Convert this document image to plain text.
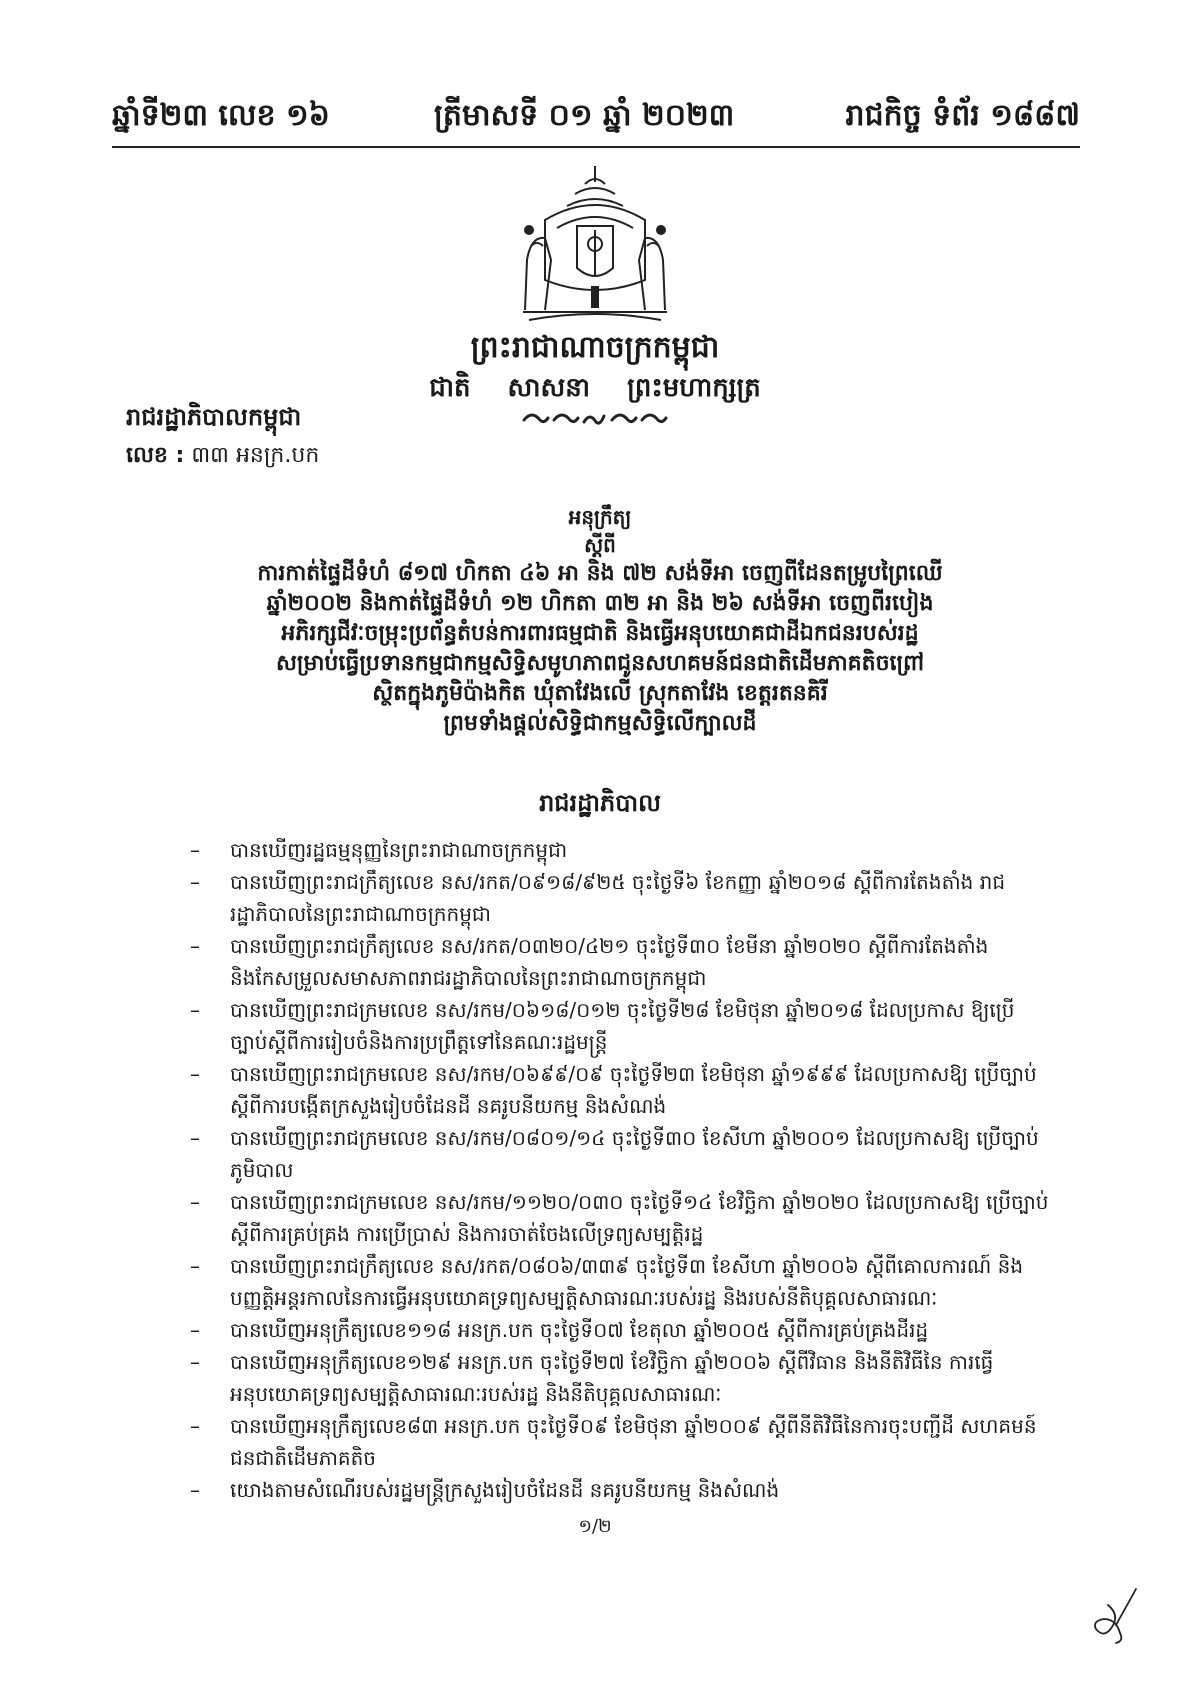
ឆ្នាំទី២៣ លេខ ១៦	ត្រីមាសទី ០១ ឆ្នាំ ២០២៣	រាជកិច្ច ទំព័រ ១៨៨៧
ព្រះរាជាណាចក្រកម្ពុជា
ជាតិ សាសនា ព្រះមហាក្សត្រ
រាជរដ្ឋាភិបាលកម្ពុជា
លេខ : ៣៣ អនក្រ.បក
អនុក្រឹត្យ
ស្តីពី
ការកាត់ផ្ទៃដីទំហំ ៨១៧ ហិកតា ៤៦ អា និង ៧២ សង់ទីអា ចេញពីដែនតម្រូបព្រៃឈើ
ឆ្នាំ២០០២ និងកាត់ផ្ទៃដីទំហំ ១២ ហិកតា ៣២ អា និង ២៦ សង់ទីអា ចេញពីរបៀង
អភិរក្សជីវៈចម្រុះប្រព័ន្ធតំបន់ការពារធម្មជាតិ និងធ្វើអនុបយោគជាដីឯកជនរបស់រដ្ឋ
សម្រាប់ធ្វើប្រទានកម្មជាកម្មសិទ្ធិសមូហភាពជូនសហគមន៍ជនជាតិដើមភាគតិចព្រៅ
ស្ថិតក្នុងភូមិប៉ាងកិត ឃុំតាវែងលើ ស្រុកតាវែង ខេត្តរតនគិរី
ព្រមទាំងផ្តល់សិទ្ធិជាកម្មសិទ្ធិលើក្បាលដី
រាជរដ្ឋាភិបាល
– បានឃើញរដ្ឋធម្មនុញ្ញនៃព្រះរាជាណាចក្រកម្ពុជា
– បានឃើញព្រះរាជក្រឹត្យលេខ នស/រកត/០៩១៨/៩២៥ ចុះថ្ងៃទី៦ ខែកញ្ញា ឆ្នាំ២០១៨ ស្តីពីការតែងតាំង រាជរដ្ឋាភិបាលនៃព្រះរាជាណាចក្រកម្ពុជា
– បានឃើញព្រះរាជក្រឹត្យលេខ នស/រកត/០៣២០/៤២១ ចុះថ្ងៃទី៣០ ខែមីនា ឆ្នាំ២០២០ ស្តីពីការតែងតាំង និងកែសម្រួលសមាសភាពរាជរដ្ឋាភិបាលនៃព្រះរាជាណាចក្រកម្ពុជា
– បានឃើញព្រះរាជក្រមលេខ នស/រកម/០៦១៨/០១២ ចុះថ្ងៃទី២៨ ខែមិថុនា ឆ្នាំ២០១៨ ដែលប្រកាស ឱ្យប្រើច្បាប់ស្តីពីការរៀបចំនិងការប្រព្រឹត្តទៅនៃគណៈរដ្ឋមន្ត្រី
– បានឃើញព្រះរាជក្រមលេខ នស/រកម/០៦៩៩/០៩ ចុះថ្ងៃទី២៣ ខែមិថុនា ឆ្នាំ១៩៩៩ ដែលប្រកាសឱ្យ ប្រើច្បាប់ស្តីពីការបង្កើតក្រសួងរៀបចំដែនដី នគរូបនីយកម្ម និងសំណង់
– បានឃើញព្រះរាជក្រមលេខ នស/រកម/០៨០១/១៤ ចុះថ្ងៃទី៣០ ខែសីហា ឆ្នាំ២០០១ ដែលប្រកាសឱ្យ ប្រើច្បាប់ភូមិបាល
– បានឃើញព្រះរាជក្រមលេខ នស/រកម/១១២០/០៣០ ចុះថ្ងៃទី១៤ ខែវិច្ឆិកា ឆ្នាំ២០២០ ដែលប្រកាសឱ្យ ប្រើច្បាប់ស្តីពីការគ្រប់គ្រង ការប្រើប្រាស់ និងការចាត់ចែងលើទ្រព្យសម្បត្តិរដ្ឋ
– បានឃើញព្រះរាជក្រឹត្យលេខ នស/រកត/០៨០៦/៣៣៩ ចុះថ្ងៃទី៣ ខែសីហា ឆ្នាំ២០០៦ ស្តីពីគោលការណ៍ និងបញ្ញត្តិអន្តរកាលនៃការធ្វើអនុបយោគទ្រព្យសម្បត្តិសាធារណៈរបស់រដ្ឋ និងរបស់នីតិបុគ្គលសាធារណៈ
– បានឃើញអនុក្រឹត្យលេខ១១៨ អនក្រ.បក ចុះថ្ងៃទី០៧ ខែតុលា ឆ្នាំ២០០៥ ស្តីពីការគ្រប់គ្រងដីរដ្ឋ
– បានឃើញអនុក្រឹត្យលេខ១២៩ អនក្រ.បក ចុះថ្ងៃទី២៧ ខែវិច្ឆិកា ឆ្នាំ២០០៦ ស្តីពីវិធាន និងនីតិវិធីនៃ ការធ្វើអនុបយោគទ្រព្យសម្បត្តិសាធារណៈរបស់រដ្ឋ និងនីតិបុគ្គលសាធារណៈ
– បានឃើញអនុក្រឹត្យលេខ៨៣ អនក្រ.បក ចុះថ្ងៃទី០៩ ខែមិថុនា ឆ្នាំ២០០៩ ស្តីពីនីតិវិធីនៃការចុះបញ្ជីដី សហគមន៍ជនជាតិដើមភាគតិច
– យោងតាមសំណើរបស់រដ្ឋមន្ត្រីក្រសួងរៀបចំដែនដី នគរូបនីយកម្ម និងសំណង់
១/២
